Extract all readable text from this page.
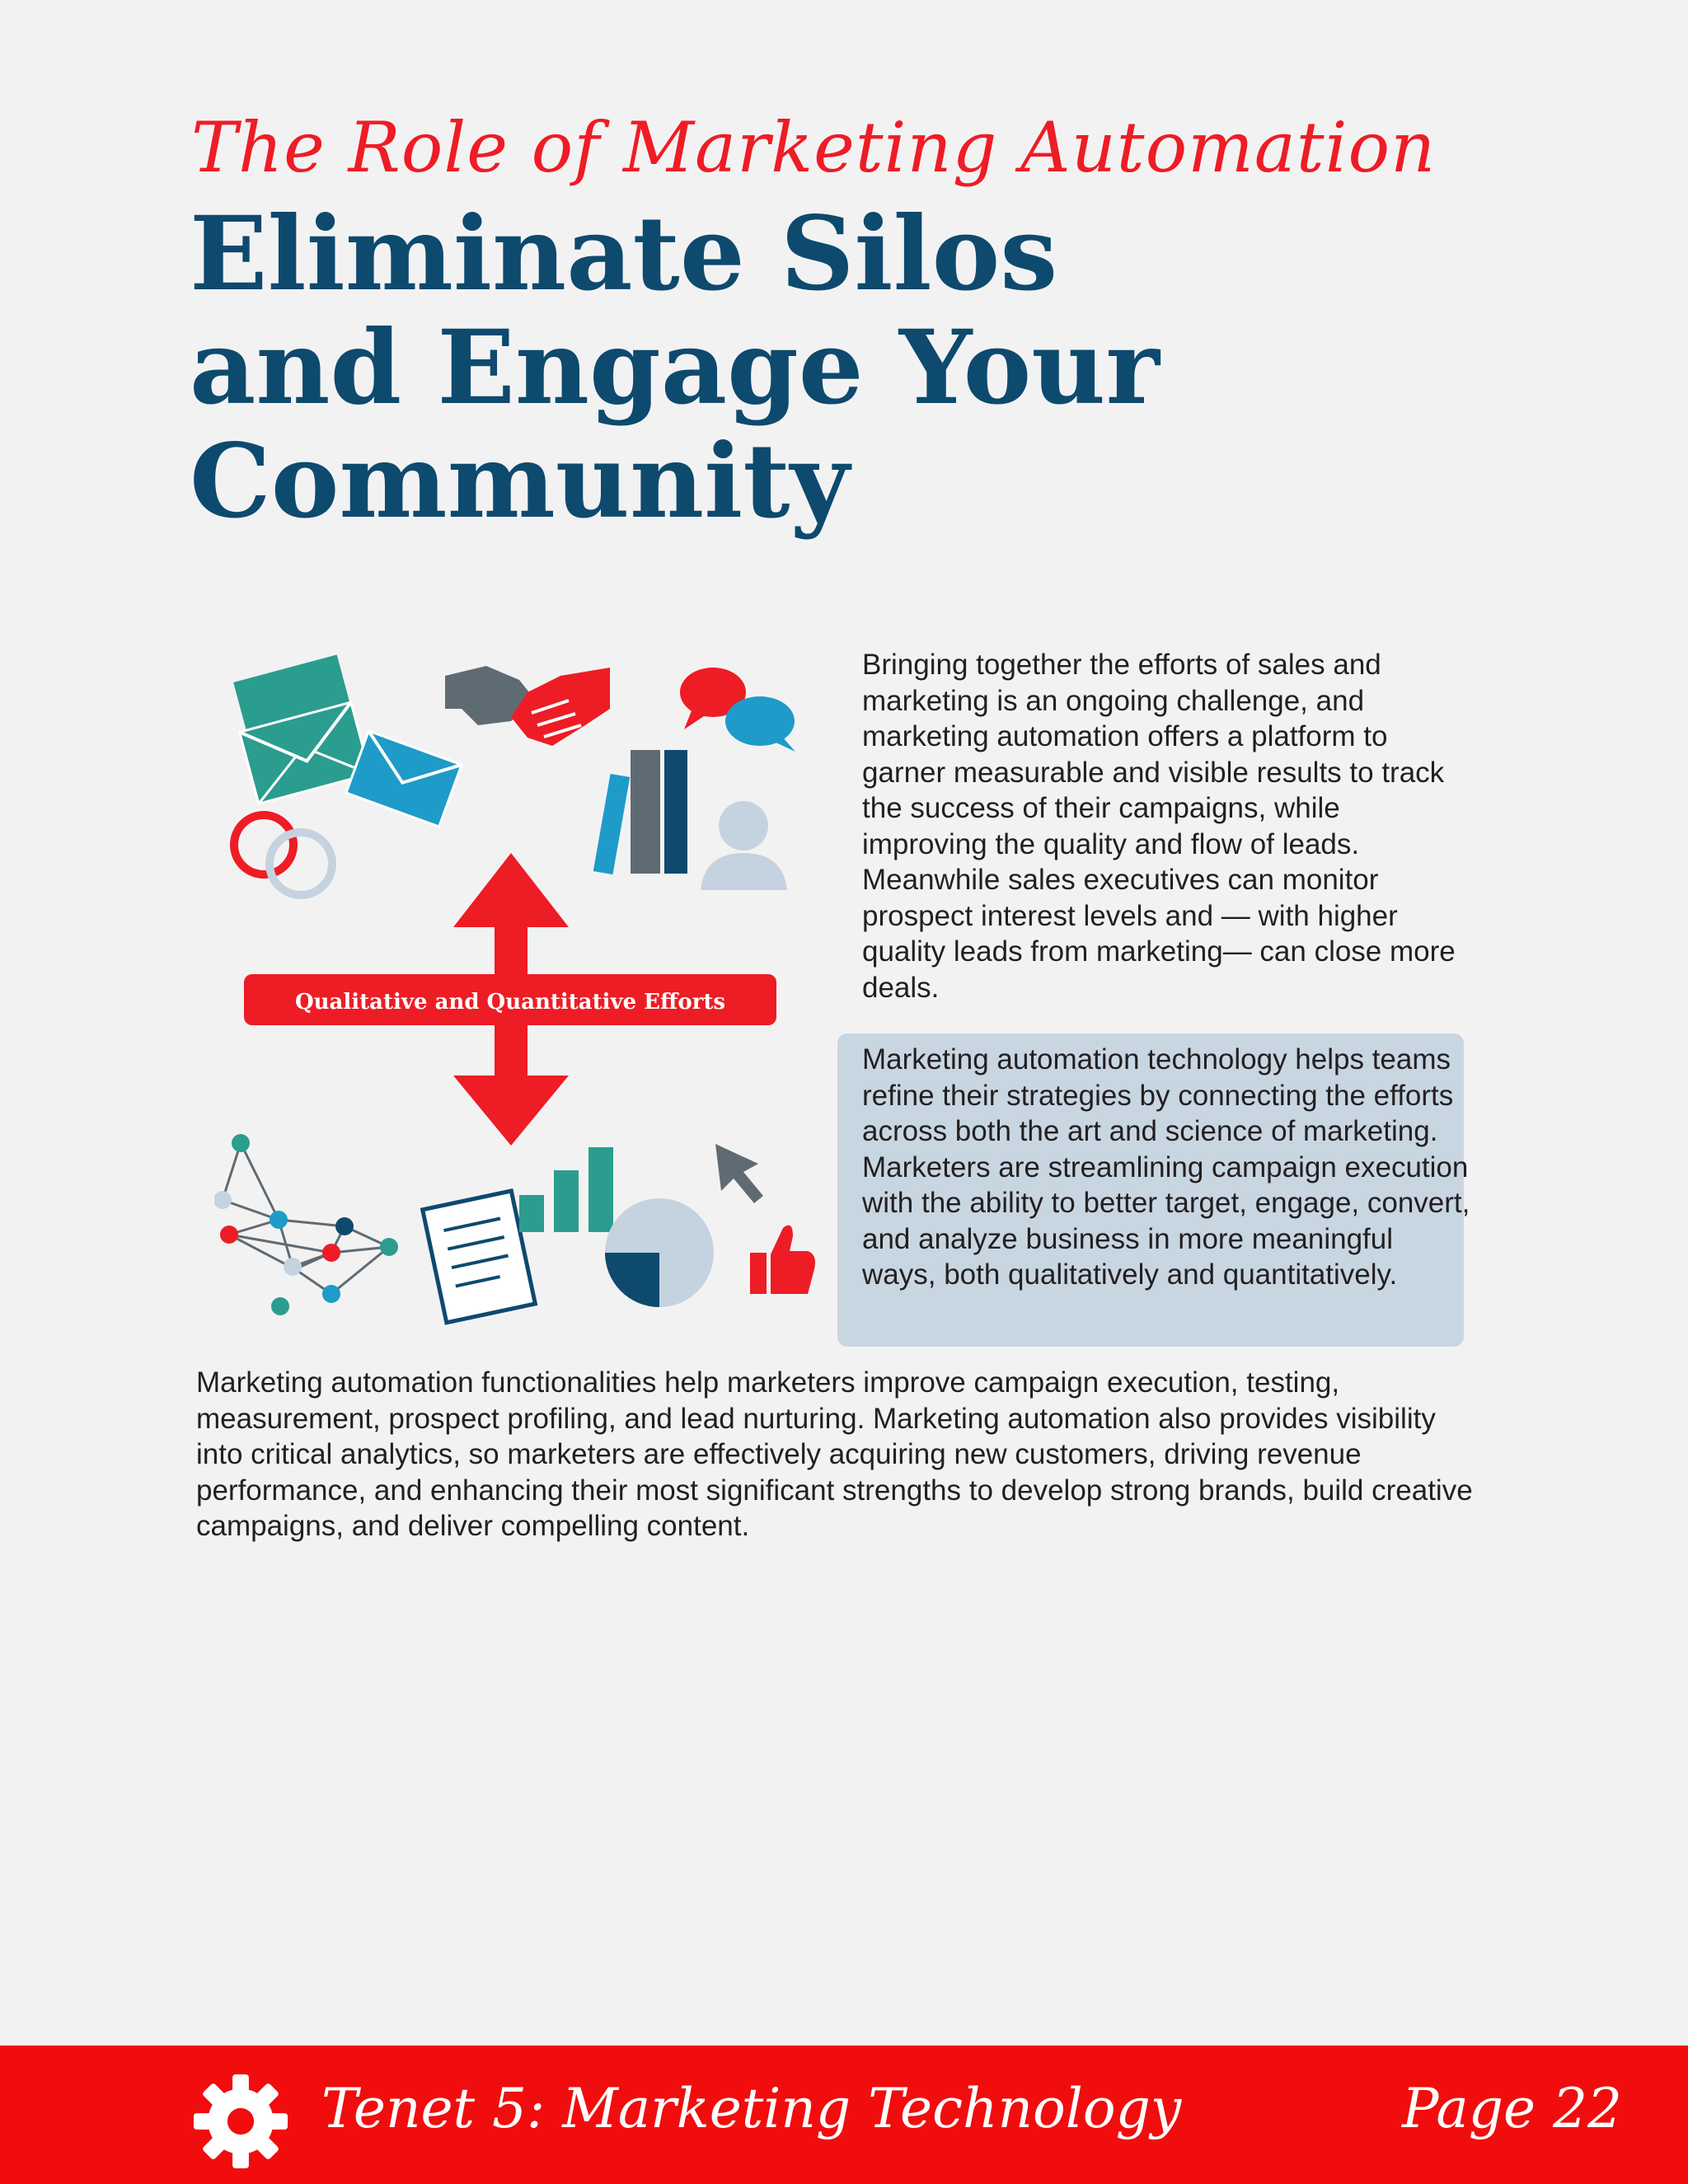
The Role of Marketing Automation
Eliminate Silos
and Engage Your
Community
Qualitative and Quantitative Efforts

Bringing together the efforts of sales and marketing is an ongoing challenge, and marketing automation offers a platform to garner measurable and visible results to track the success of their campaigns, while improving the quality and flow of leads. Meanwhile sales executives can monitor prospect interest levels and — with higher quality leads from marketing— can close more deals.

Marketing automation technology helps teams refine their strategies by connecting the efforts across both the art and science of marketing. Marketers are streamlining campaign execution with the ability to better target, engage, convert, and analyze business in more meaningful ways, both qualitatively and quantitatively.

Marketing automation functionalities help marketers improve campaign execution, testing, measurement, prospect profiling, and lead nurturing. Marketing automation also provides visibility into critical analytics, so marketers are effectively acquiring new customers, driving revenue performance, and enhancing their most significant strengths to develop strong brands, build creative campaigns, and deliver compelling content.

Tenet 5: Marketing Technology	Page 22
